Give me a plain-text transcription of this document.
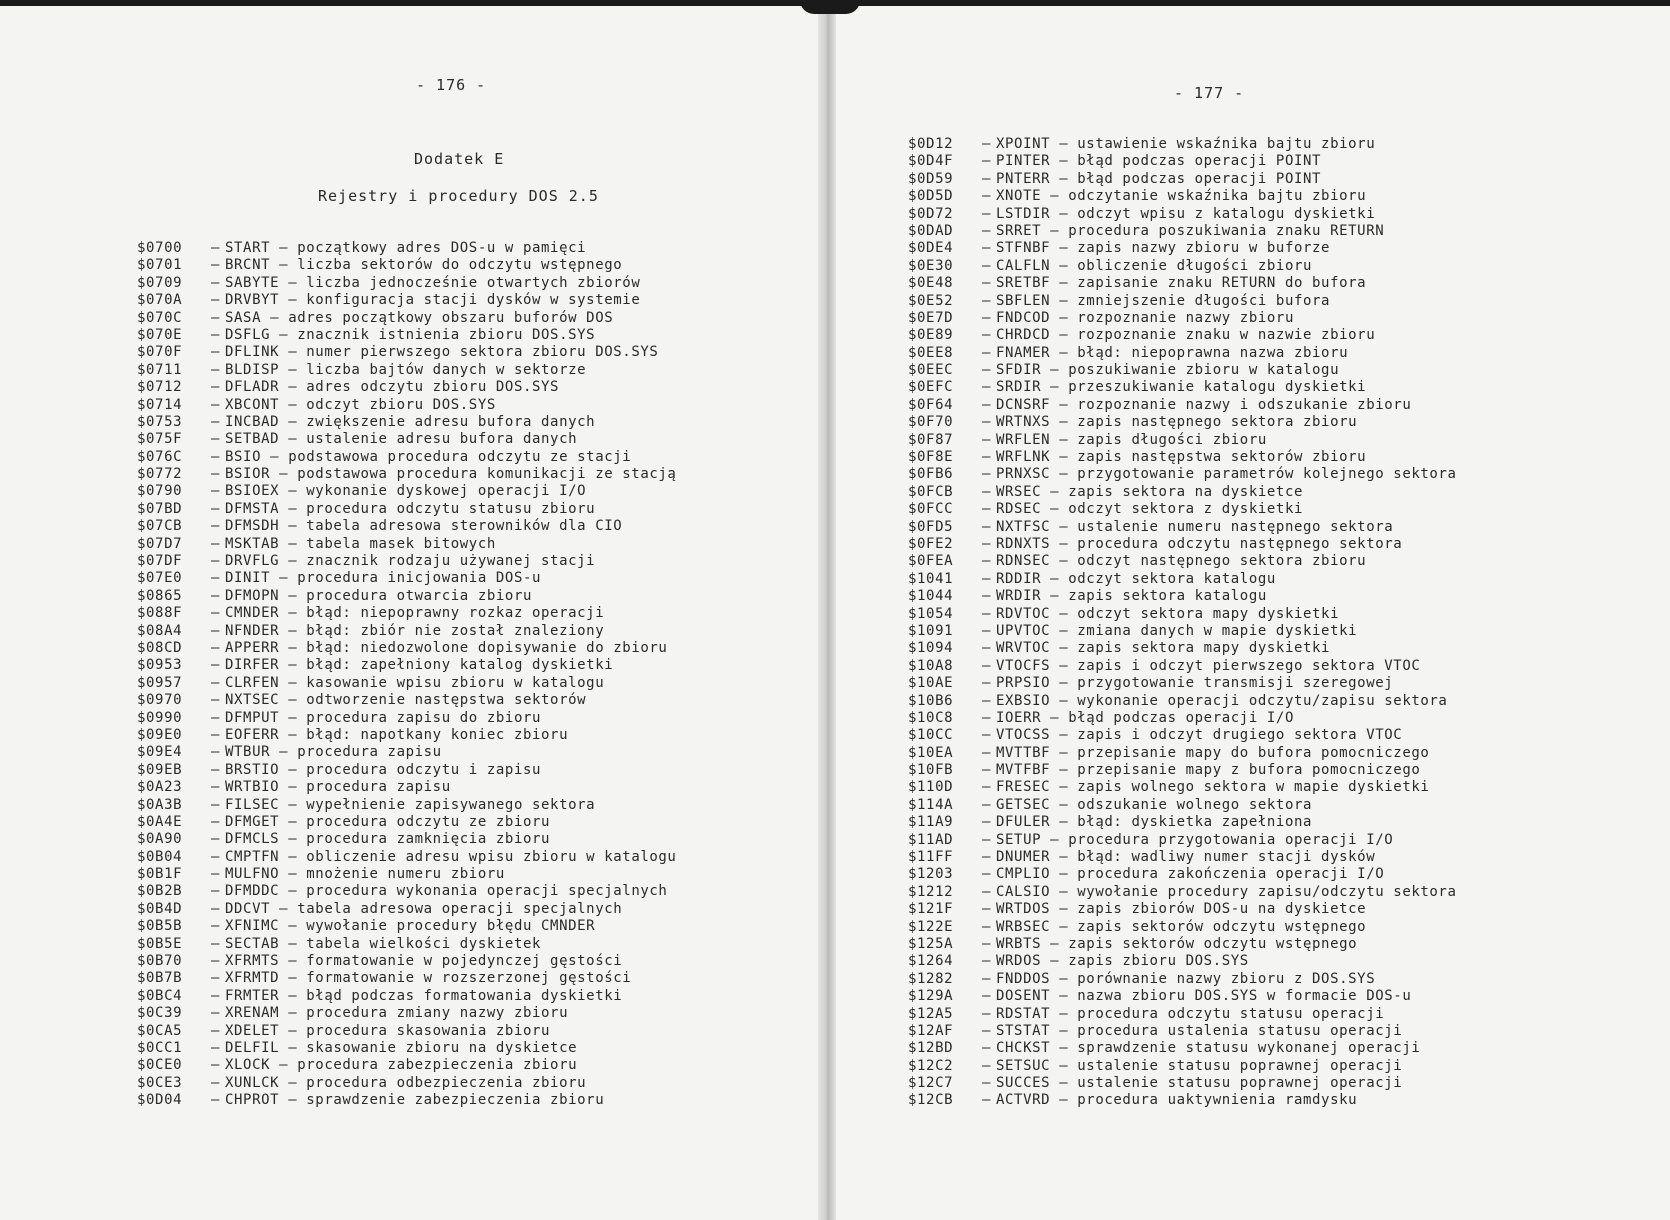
- 176 -
Dodatek E
Rejestry i procedury DOS 2.5
$0700 – START – początkowy adres DOS-u w pamięci
$0701 – BRCNT – liczba sektorów do odczytu wstępnego
$0709 – SABYTE – liczba jednocześnie otwartych zbiorów
$070A – DRVBYT – konfiguracja stacji dysków w systemie
$070C – SASA – adres początkowy obszaru buforów DOS
$070E – DSFLG – znacznik istnienia zbioru DOS.SYS
$070F – DFLINK – numer pierwszego sektora zbioru DOS.SYS
$0711 – BLDISP – liczba bajtów danych w sektorze
$0712 – DFLADR – adres odczytu zbioru DOS.SYS
$0714 – XBCONT – odczyt zbioru DOS.SYS
$0753 – INCBAD – zwiększenie adresu bufora danych
$075F – SETBAD – ustalenie adresu bufora danych
$076C – BSIO – podstawowa procedura odczytu ze stacji
$0772 – BSIOR – podstawowa procedura komunikacji ze stacją
$0790 – BSIOEX – wykonanie dyskowej operacji I/O
$07BD – DFMSTA – procedura odczytu statusu zbioru
$07CB – DFMSDH – tabela adresowa sterowników dla CIO
$07D7 – MSKTAB – tabela masek bitowych
$07DF – DRVFLG – znacznik rodzaju używanej stacji
$07E0 – DINIT – procedura inicjowania DOS-u
$0865 – DFMOPN – procedura otwarcia zbioru
$088F – CMNDER – błąd: niepoprawny rozkaz operacji
$08A4 – NFNDER – błąd: zbiór nie został znaleziony
$08CD – APPERR – błąd: niedozwolone dopisywanie do zbioru
$0953 – DIRFER – błąd: zapełniony katalog dyskietki
$0957 – CLRFEN – kasowanie wpisu zbioru w katalogu
$0970 – NXTSEC – odtworzenie następstwa sektorów
$0990 – DFMPUT – procedura zapisu do zbioru
$09E0 – EOFERR – błąd: napotkany koniec zbioru
$09E4 – WTBUR – procedura zapisu
$09EB – BRSTIO – procedura odczytu i zapisu
$0A23 – WRTBIO – procedura zapisu
$0A3B – FILSEC – wypełnienie zapisywanego sektora
$0A4E – DFMGET – procedura odczytu ze zbioru
$0A90 – DFMCLS – procedura zamknięcia zbioru
$0B04 – CMPTFN – obliczenie adresu wpisu zbioru w katalogu
$0B1F – MULFNO – mnożenie numeru zbioru
$0B2B – DFMDDC – procedura wykonania operacji specjalnych
$0B4D – DDCVT – tabela adresowa operacji specjalnych
$0B5B – XFNIMC – wywołanie procedury błędu CMNDER
$0B5E – SECTAB – tabela wielkości dyskietek
$0B70 – XFRMTS – formatowanie w pojedynczej gęstości
$0B7B – XFRMTD – formatowanie w rozszerzonej gęstości
$0BC4 – FRMTER – błąd podczas formatowania dyskietki
$0C39 – XRENAM – procedura zmiany nazwy zbioru
$0CA5 – XDELET – procedura skasowania zbioru
$0CC1 – DELFIL – skasowanie zbioru na dyskietce
$0CE0 – XLOCK – procedura zabezpieczenia zbioru
$0CE3 – XUNLCK – procedura odbezpieczenia zbioru
$0D04 – CHPROT – sprawdzenie zabezpieczenia zbioru
- 177 -
$0D12 – XPOINT – ustawienie wskaźnika bajtu zbioru
$0D4F – PINTER – błąd podczas operacji POINT
$0D59 – PNTERR – błąd podczas operacji POINT
$0D5D – XNOTE – odczytanie wskaźnika bajtu zbioru
$0D72 – LSTDIR – odczyt wpisu z katalogu dyskietki
$0DAD – SRRET – procedura poszukiwania znaku RETURN
$0DE4 – STFNBF – zapis nazwy zbioru w buforze
$0E30 – CALFLN – obliczenie długości zbioru
$0E48 – SRETBF – zapisanie znaku RETURN do bufora
$0E52 – SBFLEN – zmniejszenie długości bufora
$0E7D – FNDCOD – rozpoznanie nazwy zbioru
$0E89 – CHRDCD – rozpoznanie znaku w nazwie zbioru
$0EE8 – FNAMER – błąd: niepoprawna nazwa zbioru
$0EEC – SFDIR – poszukiwanie zbioru w katalogu
$0EFC – SRDIR – przeszukiwanie katalogu dyskietki
$0F64 – DCNSRF – rozpoznanie nazwy i odszukanie zbioru
$0F70 – WRTNXS – zapis następnego sektora zbioru
$0F87 – WRFLEN – zapis długości zbioru
$0F8E – WRFLNK – zapis następstwa sektorów zbioru
$0FB6 – PRNXSC – przygotowanie parametrów kolejnego sektora
$0FCB – WRSEC – zapis sektora na dyskietce
$0FCC – RDSEC – odczyt sektora z dyskietki
$0FD5 – NXTFSC – ustalenie numeru następnego sektora
$0FE2 – RDNXTS – procedura odczytu następnego sektora
$0FEA – RDNSEC – odczyt następnego sektora zbioru
$1041 – RDDIR – odczyt sektora katalogu
$1044 – WRDIR – zapis sektora katalogu
$1054 – RDVTOC – odczyt sektora mapy dyskietki
$1091 – UPVTOC – zmiana danych w mapie dyskietki
$1094 – WRVTOC – zapis sektora mapy dyskietki
$10A8 – VTOCFS – zapis i odczyt pierwszego sektora VTOC
$10AE – PRPSIO – przygotowanie transmisji szeregowej
$10B6 – EXBSIO – wykonanie operacji odczytu/zapisu sektora
$10C8 – IOERR – błąd podczas operacji I/O
$10CC – VTOCSS – zapis i odczyt drugiego sektora VTOC
$10EA – MVTTBF – przepisanie mapy do bufora pomocniczego
$10FB – MVTFBF – przepisanie mapy z bufora pomocniczego
$110D – FRESEC – zapis wolnego sektora w mapie dyskietki
$114A – GETSEC – odszukanie wolnego sektora
$11A9 – DFULER – błąd: dyskietka zapełniona
$11AD – SETUP – procedura przygotowania operacji I/O
$11FF – DNUMER – błąd: wadliwy numer stacji dysków
$1203 – CMPLIO – procedura zakończenia operacji I/O
$1212 – CALSIO – wywołanie procedury zapisu/odczytu sektora
$121F – WRTDOS – zapis zbiorów DOS-u na dyskietce
$122E – WRBSEC – zapis sektorów odczytu wstępnego
$125A – WRBTS – zapis sektorów odczytu wstępnego
$1264 – WRDOS – zapis zbioru DOS.SYS
$1282 – FNDDOS – porównanie nazwy zbioru z DOS.SYS
$129A – DOSENT – nazwa zbioru DOS.SYS w formacie DOS-u
$12A5 – RDSTAT – procedura odczytu statusu operacji
$12AF – STSTAT – procedura ustalenia statusu operacji
$12BD – CHCKST – sprawdzenie statusu wykonanej operacji
$12C2 – SETSUC – ustalenie statusu poprawnej operacji
$12C7 – SUCCES – ustalenie statusu poprawnej operacji
$12CB – ACTVRD – procedura uaktywnienia ramdysku
